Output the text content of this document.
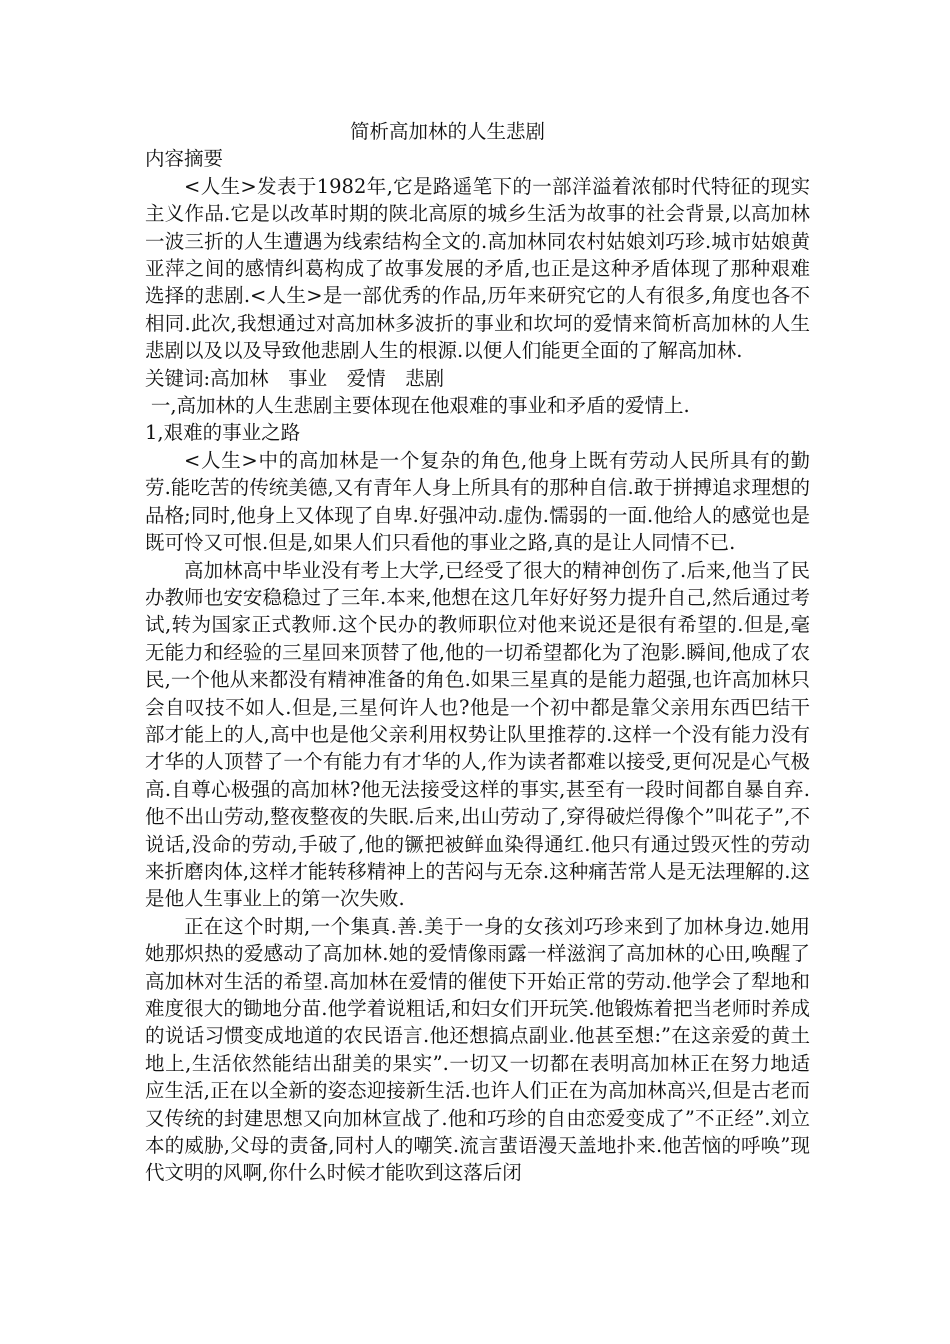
简析高加林的人生悲剧

内容摘要

<人生>发表于1982年,它是路遥笔下的一部洋溢着浓郁时代特征的现实主义作品.它是以改革时期的陕北高原的城乡生活为故事的社会背景,以高加林一波三折的人生遭遇为线索结构全文的.高加林同农村姑娘刘巧珍.城市姑娘黄亚萍之间的感情纠葛构成了故事发展的矛盾,也正是这种矛盾体现了那种艰难选择的悲剧.<人生>是一部优秀的作品,历年来研究它的人有很多,角度也各不相同.此次,我想通过对高加林多波折的事业和坎坷的爱情来简析高加林的人生悲剧以及以及导致他悲剧人生的根源.以便人们能更全面的了解高加林.

关键词:高加林　事业　爱情　悲剧

一,高加林的人生悲剧主要体现在他艰难的事业和矛盾的爱情上.

1,艰难的事业之路

<人生>中的高加林是一个复杂的角色,他身上既有劳动人民所具有的勤劳.能吃苦的传统美德,又有青年人身上所具有的那种自信.敢于拼搏追求理想的品格;同时,他身上又体现了自卑.好强冲动.虚伪.懦弱的一面.他给人的感觉也是既可怜又可恨.但是,如果人们只看他的事业之路,真的是让人同情不已.

高加林高中毕业没有考上大学,已经受了很大的精神创伤了.后来,他当了民办教师也安安稳稳过了三年.本来,他想在这几年好好努力提升自己,然后通过考试,转为国家正式教师.这个民办的教师职位对他来说还是很有希望的.但是,毫无能力和经验的三星回来顶替了他,他的一切希望都化为了泡影.瞬间,他成了农民,一个他从来都没有精神准备的角色.如果三星真的是能力超强,也许高加林只会自叹技不如人.但是,三星何许人也?他是一个初中都是靠父亲用东西巴结干部才能上的人,高中也是他父亲利用权势让队里推荐的.这样一个没有能力没有才华的人顶替了一个有能力有才华的人,作为读者都难以接受,更何况是心气极高.自尊心极强的高加林?他无法接受这样的事实,甚至有一段时间都自暴自弃.他不出山劳动,整夜整夜的失眠.后来,出山劳动了,穿得破烂得像个”叫花子”,不说话,没命的劳动,手破了,他的镢把被鲜血染得通红.他只有通过毁灭性的劳动来折磨肉体,这样才能转移精神上的苦闷与无奈.这种痛苦常人是无法理解的.这是他人生事业上的第一次失败.

正在这个时期,一个集真.善.美于一身的女孩刘巧珍来到了加林身边.她用她那炽热的爱感动了高加林.她的爱情像雨露一样滋润了高加林的心田,唤醒了高加林对生活的希望.高加林在爱情的催使下开始正常的劳动.他学会了犁地和难度很大的锄地分苗.他学着说粗话,和妇女们开玩笑.他锻炼着把当老师时养成的说话习惯变成地道的农民语言.他还想搞点副业.他甚至想:”在这亲爱的黄土地上,生活依然能结出甜美的果实”.一切又一切都在表明高加林正在努力地适应生活,正在以全新的姿态迎接新生活.也许人们正在为高加林高兴,但是古老而又传统的封建思想又向加林宣战了.他和巧珍的自由恋爱变成了”不正经”.刘立本的威胁,父母的责备,同村人的嘲笑.流言蜚语漫天盖地扑来.他苦恼的呼唤”现代文明的风啊,你什么时候才能吹到这落后闭
